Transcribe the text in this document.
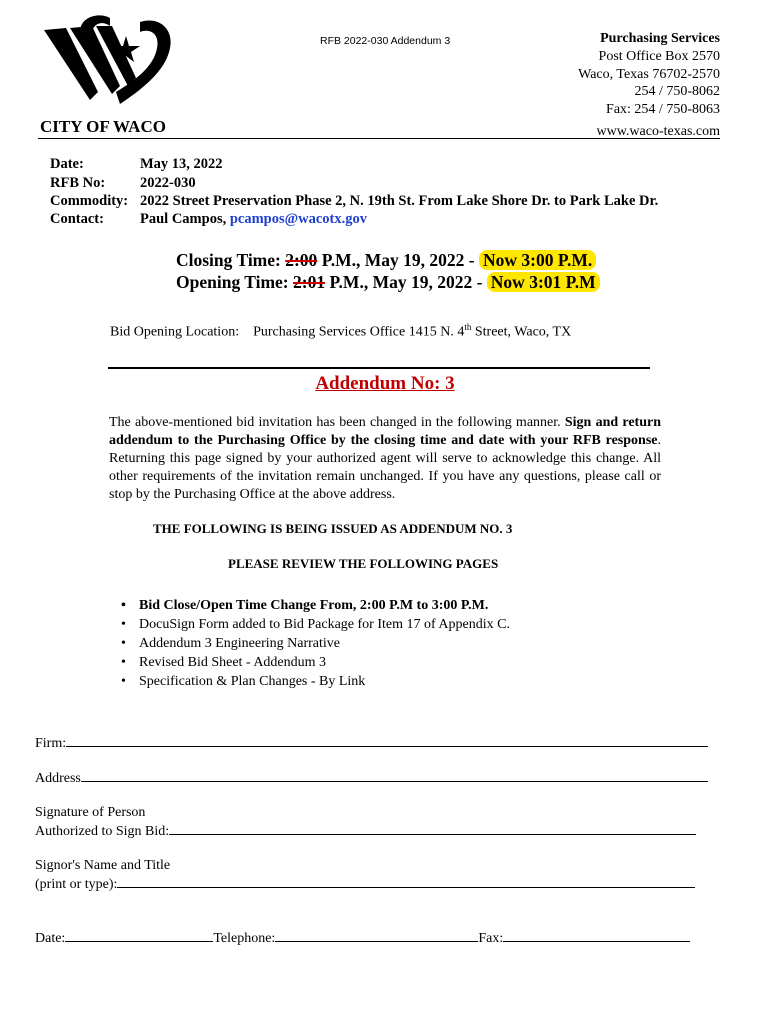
RFB 2022-030 Addendum 3	Purchasing Services
Post Office Box 2570
Waco, Texas 76702-2570
254 / 750-8062
Fax: 254 / 750-8063
www.waco-texas.com
CITY OF WACO
Date:	May 13, 2022
RFB No: 2022-030
Commodity: 2022 Street Preservation Phase 2, N. 19th St. From Lake Shore Dr. to Park Lake Dr.
Contact: Paul Campos, pcampos@wacotx.gov
Closing Time: 2:00 P.M., May 19, 2022 - Now 3:00 P.M.
Opening Time: 2:01 P.M., May 19, 2022 - Now 3:01 P.M
Bid Opening Location: Purchasing Services Office 1415 N. 4th Street, Waco, TX
Addendum No: 3
The above-mentioned bid invitation has been changed in the following manner. Sign and return addendum to the Purchasing Office by the closing time and date with your RFB response. Returning this page signed by your authorized agent will serve to acknowledge this change. All other requirements of the invitation remain unchanged. If you have any questions, please call or stop by the Purchasing Office at the above address.
THE FOLLOWING IS BEING ISSUED AS ADDENDUM NO. 3
PLEASE REVIEW THE FOLLOWING PAGES
• Bid Close/Open Time Change From, 2:00 P.M to 3:00 P.M.
• DocuSign Form added to Bid Package for Item 17 of Appendix C.
• Addendum 3 Engineering Narrative
• Revised Bid Sheet - Addendum 3
• Specification & Plan Changes - By Link
Firm:
Address
Signature of Person
Authorized to Sign Bid:
Signor's Name and Title
(print or type):
Date:	Telephone:	Fax:
